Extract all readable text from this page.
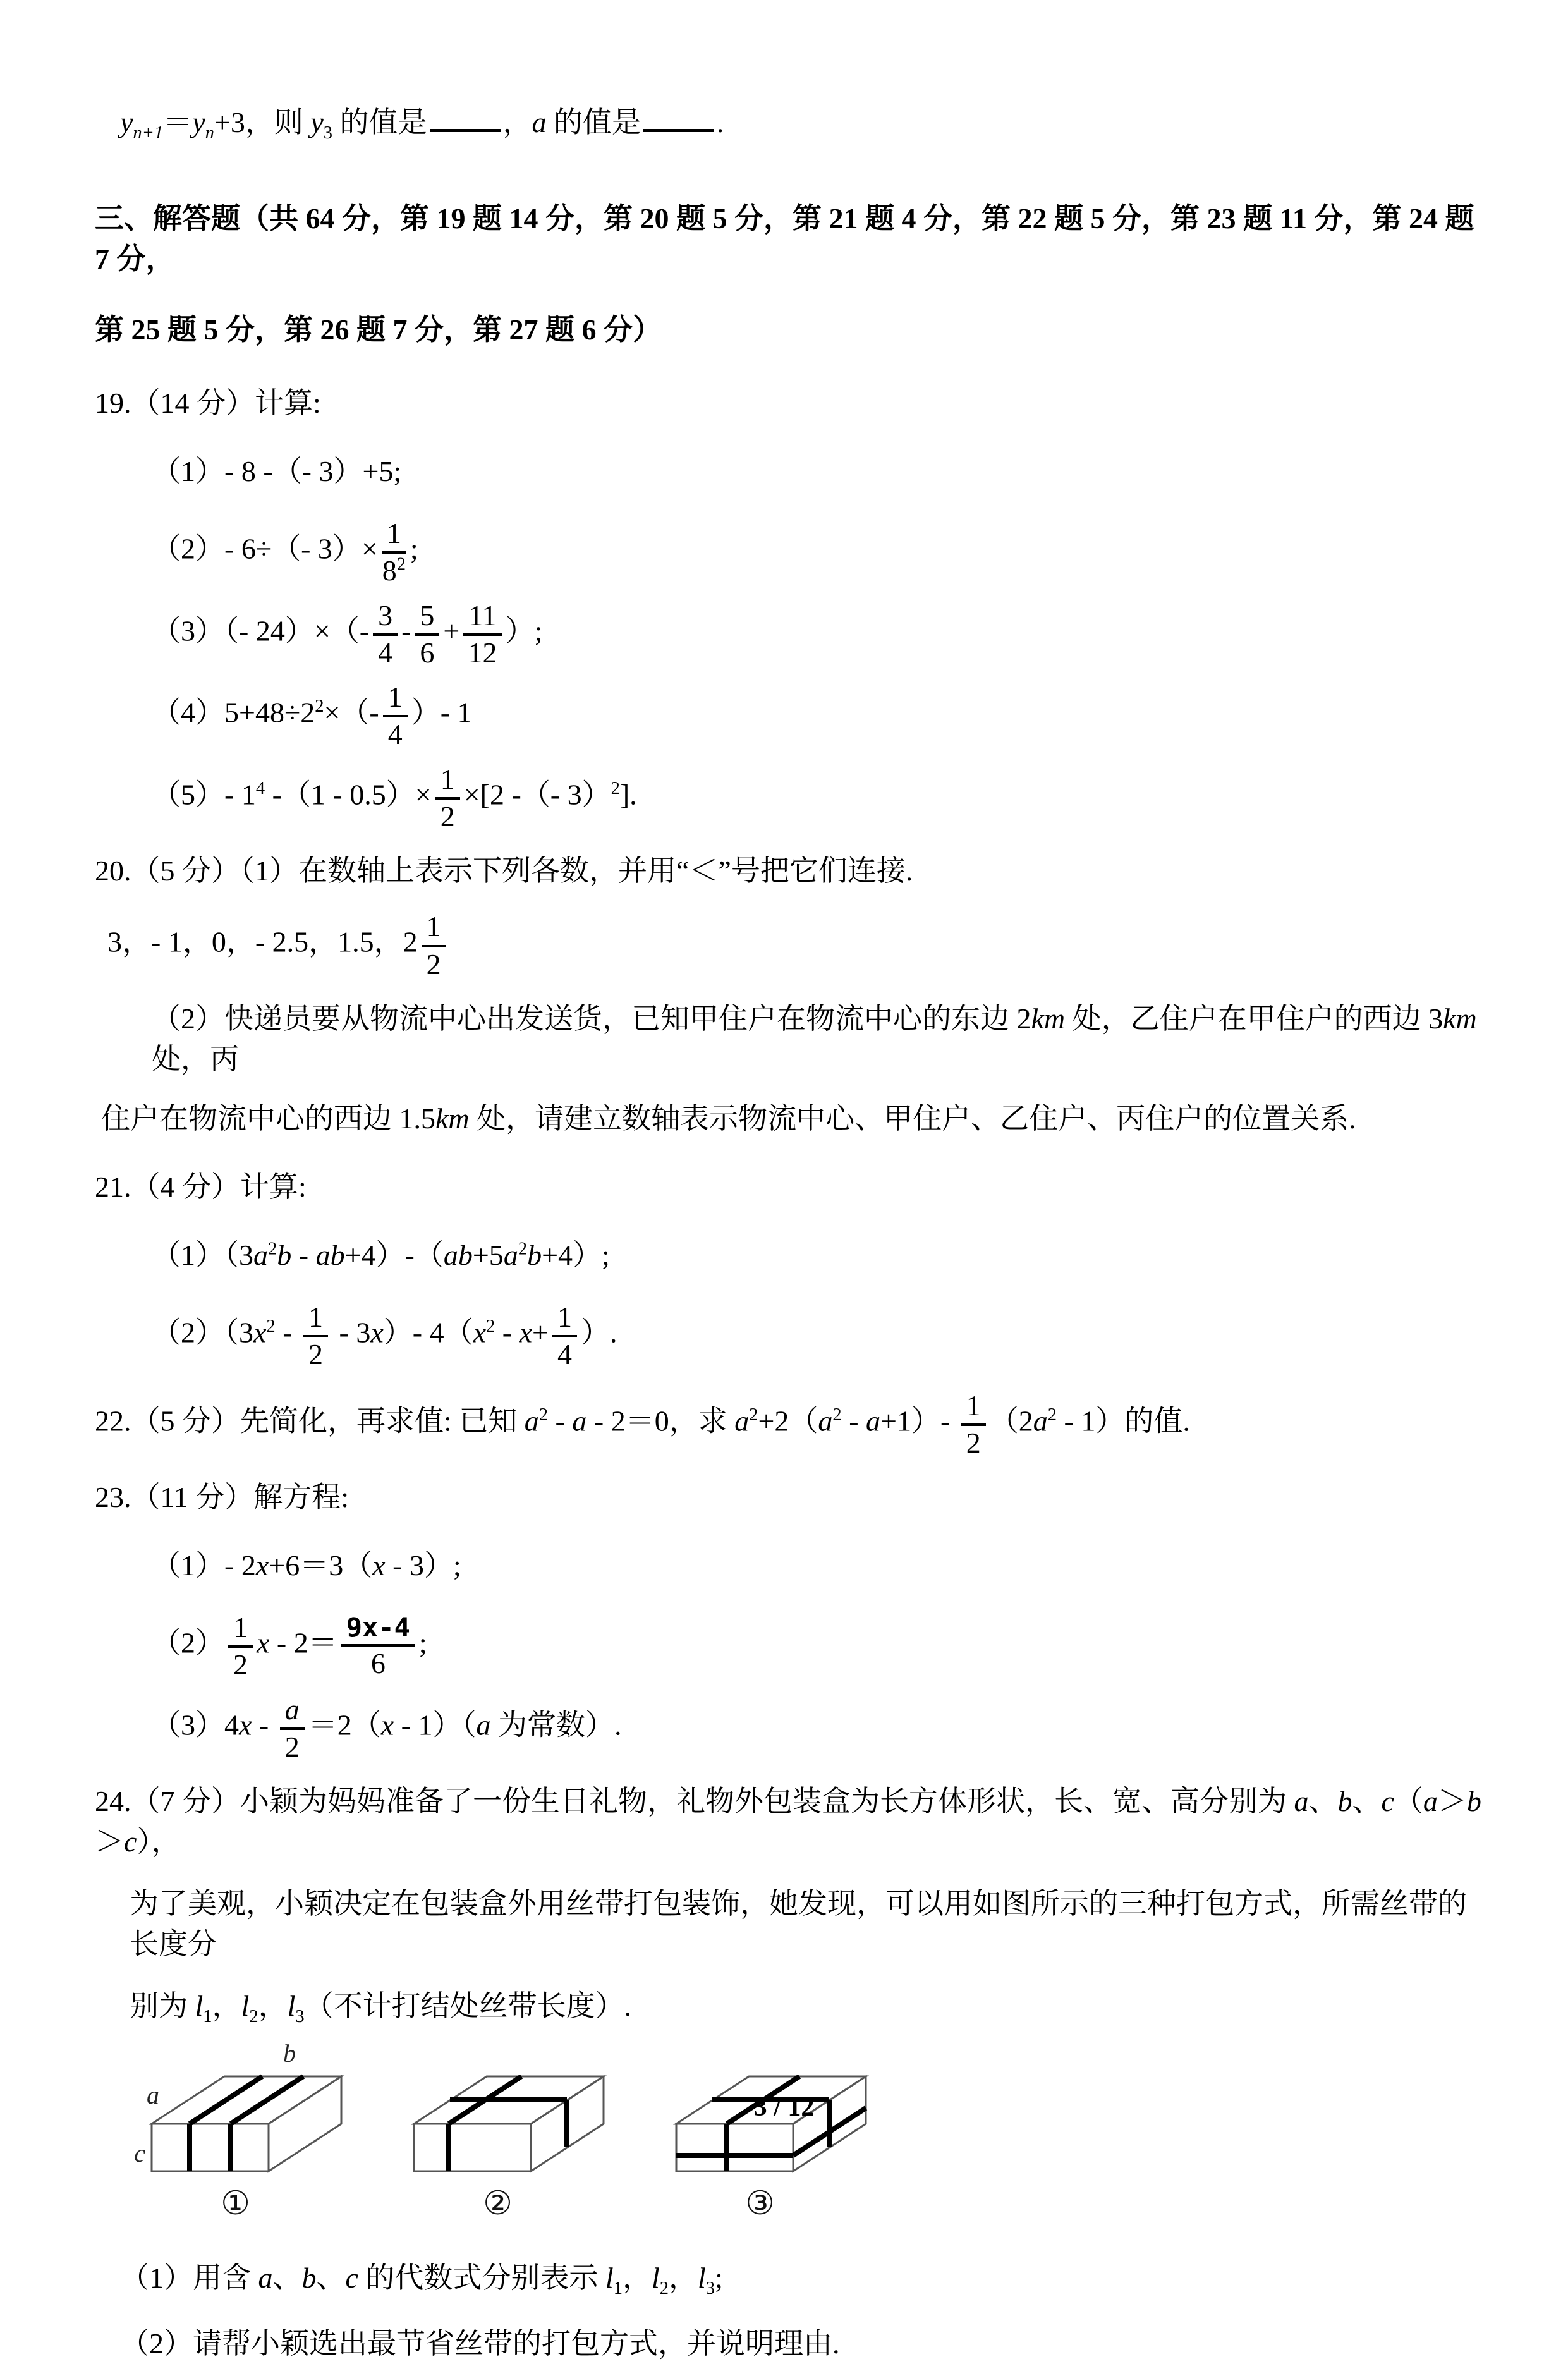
$y_{n+1}=y_n+3$，则 $y_3$ 的值是	，a 的值是	.
三、解答题（共 64 分，第 19 题 14 分，第 20 题 5 分，第 21 题 4 分，第 22 题 5 分，第 23 题 11 分，第 24 题 7 分，
第 25 题 5 分，第 26 题 7 分，第 27 题 6 分）
19.（14 分）计算:
（1）- 8 -（- 3）+5;
（2）- 6÷（- $3)\times \frac{1}{8^2}$ ;
（3）（- $24)\times(- \frac{3}{4} - \frac{5}{6} + \frac{11}{12}$ ）;
$(4)5+48\div 2^2\times(- \frac{1}{4}$ ）- 1
（5）- $1^4$ $-(1 - 0.5)\times \frac{1}{2} \times[2$ -（- 3）$^2$].
20.（5 分）（1）在数轴上表示下列各数，并用“＜”号把它们连接.
3，- 1，0，- 2.5，1.5，$2 \frac{1}{2}$
（2）快递员要从物流中心出发送货，已知甲住户在物流中心的东边 2km 处，乙住户在甲住户的西边 3km 处，丙
住户在物流中心的西边 1.5km 处，请建立数轴表示物流中心、甲住户、乙住户、丙住户的位置关系.
21.（4 分）计算:
$(1)(3a^2b - ab+4)-(ab+5a^2b+4)$;
$(2)(3x^2 - \frac{1}{2} - 3x)-$ $4(x^2 - x+ \frac{1}{4}$ ）.
22.（5 分）先简化，再求值: 已知 $a^2 - a - 2=0$，求 $a^2+2(a^2 - a+1)- \frac{1}{2} (2a^2 - 1)$的值.
23.（11 分）解方程:
（1）- 2x+6＝3（x - 3）;
$(2) \frac{1}{2}$ $x - 2= \frac{9x-4}{6}$ ;
$(3)4x - \frac{a}{2} =2(x - 1)(a$ 为常数）.
24.（7 分）小颖为妈妈准备了一份生日礼物，礼物外包装盒为长方体形状，长、宽、高分别为 a、b、c（a＞b＞c），
为了美观，小颖决定在包装盒外用丝带打包装饰，她发现，可以用如图所示的三种打包方式，所需丝带的长度分
别为 $l_1$，$l_2$，$l_3$（不计打结处丝带长度）.
b
a
c
①	②	③
（1）用含 a、b、c 的代数式分别表示 $l_1$，$l_2$，$l_3$;
（2）请帮小颖选出最节省丝带的打包方式，并说明理由.
3 / 12
